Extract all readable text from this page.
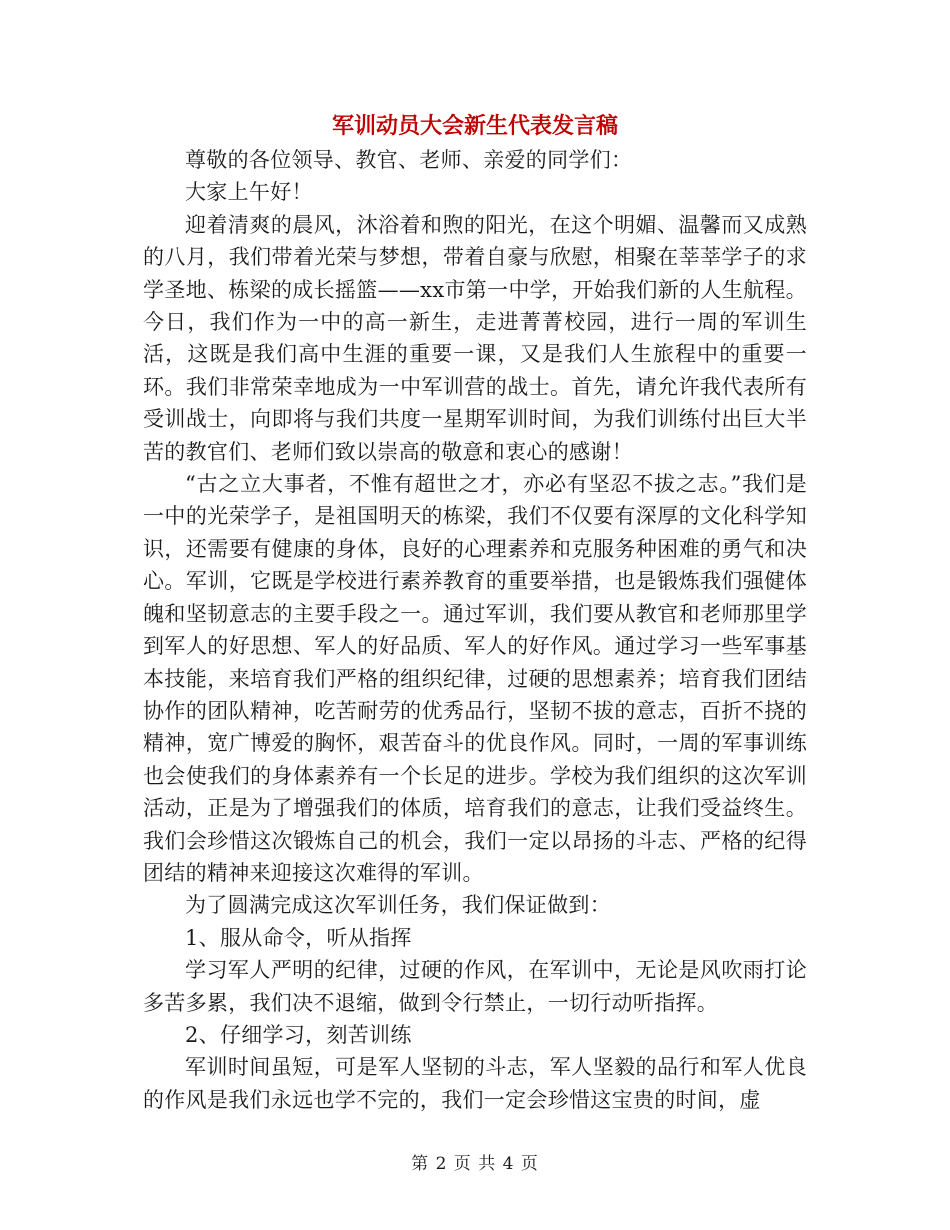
军训动员大会新生代表发言稿

尊敬的各位领导、教官、老师、亲爱的同学们：

大家上午好！

迎着清爽的晨风，沐浴着和煦的阳光，在这个明媚、温馨而又成熟的八月，我们带着光荣与梦想，带着自豪与欣慰，相聚在莘莘学子的求学圣地、栋梁的成长摇篮——xx市第一中学，开始我们新的人生航程。今日，我们作为一中的高一新生，走进菁菁校园，进行一周的军训生活，这既是我们高中生涯的重要一课，又是我们人生旅程中的重要一环。我们非常荣幸地成为一中军训营的战士。首先，请允许我代表所有受训战士，向即将与我们共度一星期军训时间，为我们训练付出巨大半苦的教官们、老师们致以崇高的敬意和衷心的感谢！

“古之立大事者，不惟有超世之才，亦必有坚忍不拔之志。”我们是一中的光荣学子，是祖国明天的栋梁，我们不仅要有深厚的文化科学知识，还需要有健康的身体，良好的心理素养和克服务种困难的勇气和决心。军训，它既是学校进行素养教育的重要举措，也是锻炼我们强健体魄和坚韧意志的主要手段之一。通过军训，我们要从教官和老师那里学到军人的好思想、军人的好品质、军人的好作风。通过学习一些军事基本技能，来培育我们严格的组织纪律，过硬的思想素养；培育我们团结协作的团队精神，吃苦耐劳的优秀品行，坚韧不拔的意志，百折不挠的精神，宽广博爱的胸怀，艰苦奋斗的优良作风。同时，一周的军事训练也会使我们的身体素养有一个长足的进步。学校为我们组织的这次军训活动，正是为了增强我们的体质，培育我们的意志，让我们受益终生。我们会珍惜这次锻炼自己的机会，我们一定以昂扬的斗志、严格的纪得团结的精神来迎接这次难得的军训。

为了圆满完成这次军训任务，我们保证做到：

1、服从命令，听从指挥

学习军人严明的纪律，过硬的作风，在军训中，无论是风吹雨打论多苦多累，我们决不退缩，做到令行禁止，一切行动听指挥。

2、仔细学习，刻苦训练

军训时间虽短，可是军人坚韧的斗志，军人坚毅的品行和军人优良的作风是我们永远也学不完的，我们一定会珍惜这宝贵的时间，虚

第 2 页 共 4 页
